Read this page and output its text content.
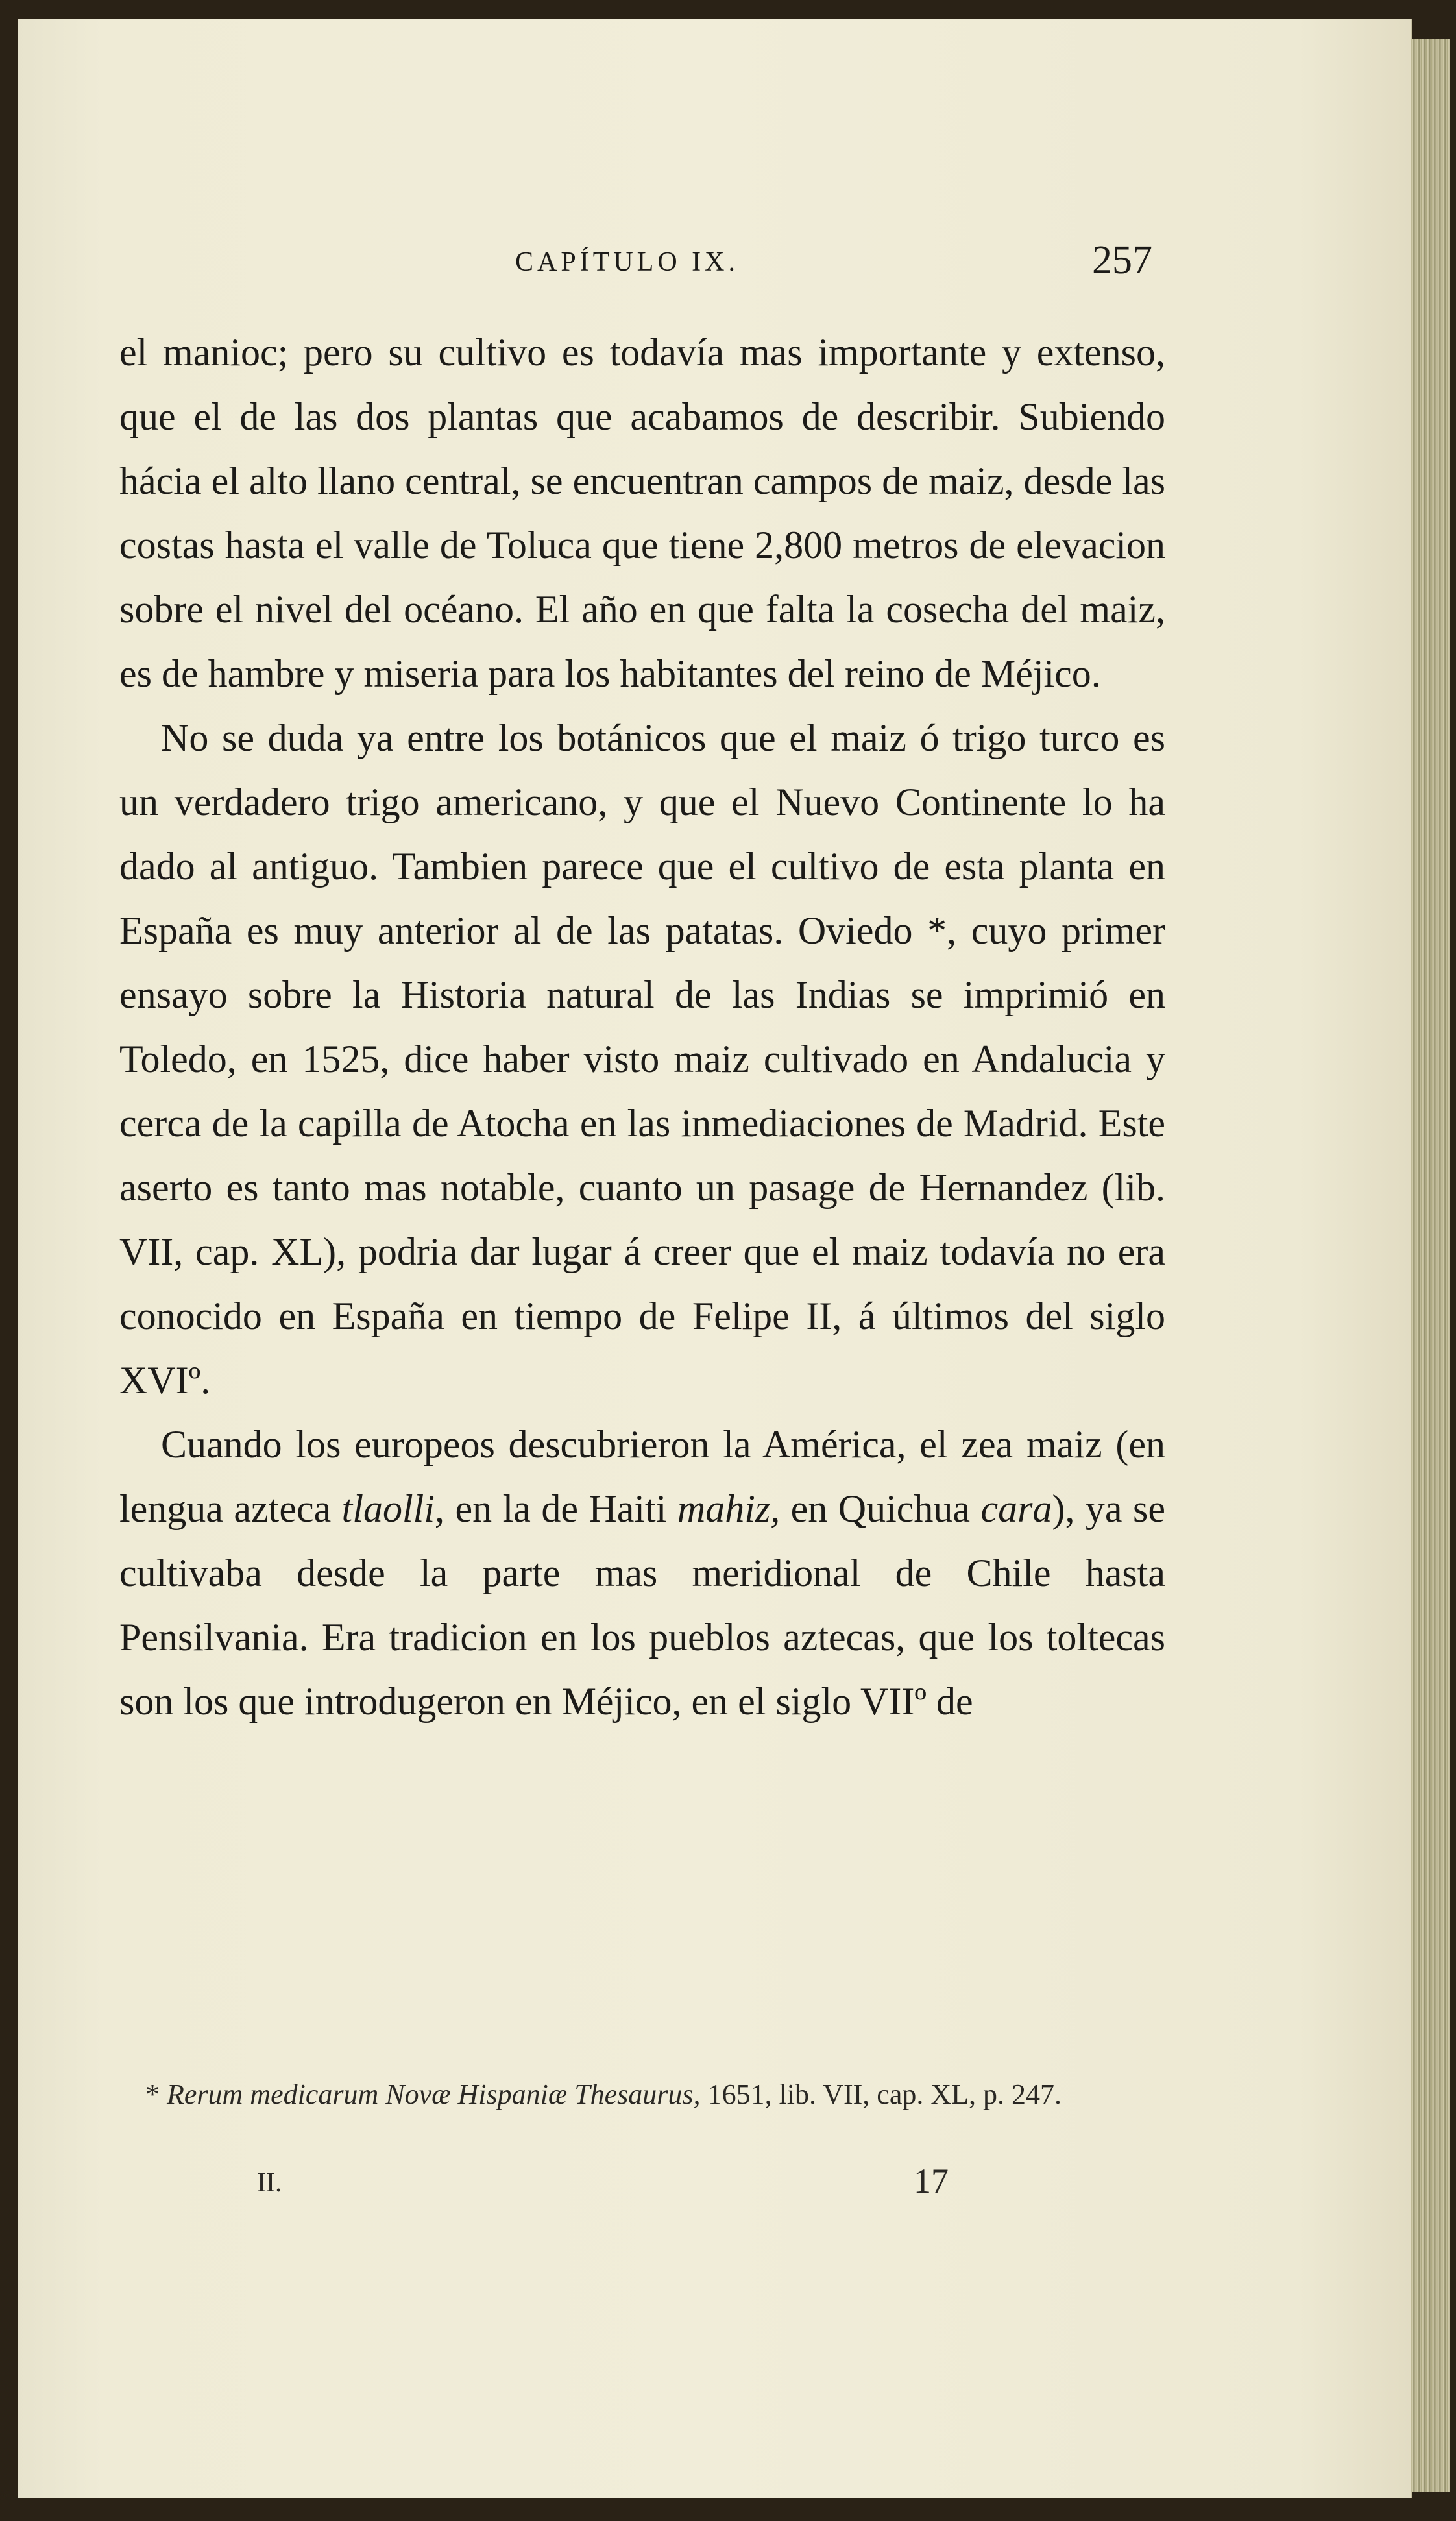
CAPÍTULO IX.	257

el manioc; pero su cultivo es todavía mas importante y extenso, que el de las dos plantas que acabamos de describir. Subiendo hácia el alto llano central, se encuentran campos de maiz, desde las costas hasta el valle de Toluca que tiene 2,800 metros de elevacion sobre el nivel del océano. El año en que falta la cosecha del maiz, es de hambre y miseria para los habitantes del reino de Méjico.

No se duda ya entre los botánicos que el maiz ó trigo turco es un verdadero trigo americano, y que el Nuevo Continente lo ha dado al antiguo. Tambien parece que el cultivo de esta planta en España es muy anterior al de las patatas. Oviedo *, cuyo primer ensayo sobre la Historia natural de las Indias se imprimió en Toledo, en 1525, dice haber visto maiz cultivado en Andalucia y cerca de la capilla de Atocha en las inmediaciones de Madrid. Este aserto es tanto mas notable, cuanto un pasage de Hernandez (lib. VII, cap. XL), podria dar lugar á creer que el maiz todavía no era conocido en España en tiempo de Felipe II, á últimos del siglo XVIº.

Cuando los europeos descubrieron la América, el zea maiz (en lengua azteca tlaolli, en la de Haiti mahiz, en Quichua cara), ya se cultivaba desde la parte mas meridional de Chile hasta Pensilvania. Era tradicion en los pueblos aztecas, que los toltecas son los que introdugeron en Méjico, en el siglo VIIº de

* Rerum medicarum Novæ Hispaniæ Thesaurus, 1651, lib. VII, cap. XL, p. 247.
II.	17
